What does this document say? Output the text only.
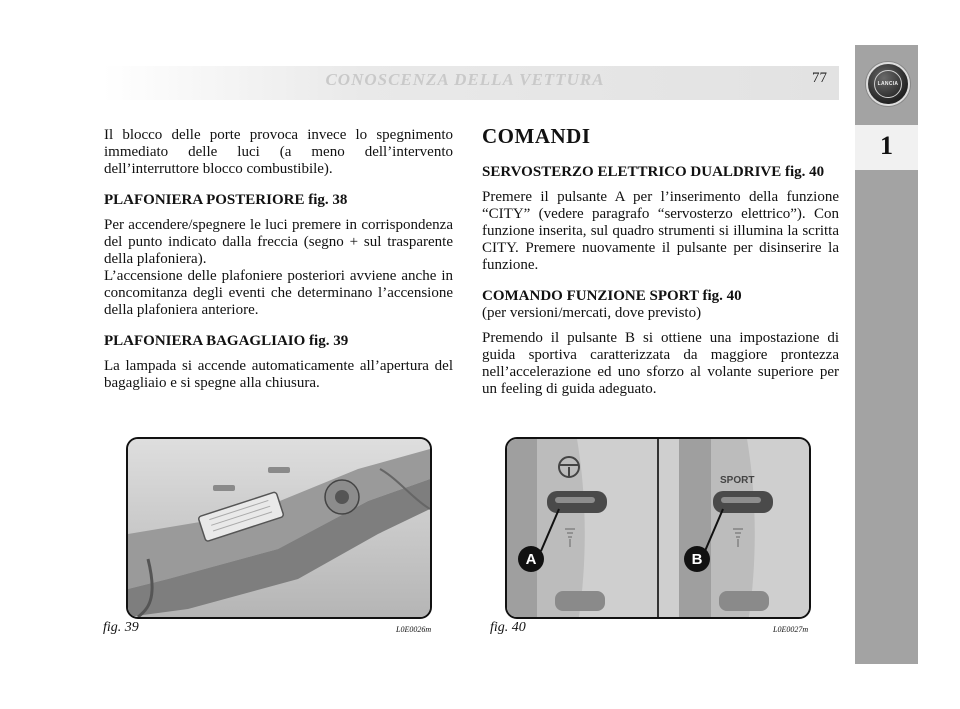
CONOSCENZA DELLA VETTURA	77	LANCIA
1

Il blocco delle porte provoca invece lo spegnimento immediato delle luci (a meno dell’intervento dell’interruttore blocco combustibile).

PLAFONIERA POSTERIORE fig. 38

Per accendere/spegnere le luci premere in corrispondenza del punto indicato dalla freccia (segno + sul trasparente della plafoniera).

L’accensione delle plafoniere posteriori avviene anche in concomitanza degli eventi che determinano l’accensione della plafoniera anteriore.

PLAFONIERA BAGAGLIAIO fig. 39

La lampada si accende automaticamente all’apertura del bagagliaio e si spegne alla chiusura.

COMANDI

SERVOSTERZO ELETTRICO DUALDRIVE fig. 40

Premere il pulsante A per l’inserimento della funzione “CITY” (vedere paragrafo “servosterzo elettrico”). Con funzione inserita, sul quadro strumenti si illumina la scritta CITY. Premere nuovamente il pulsante per disinserire la funzione.

COMANDO FUNZIONE SPORT fig. 40

(per versioni/mercati, dove previsto)

Premendo il pulsante B si ottiene una impostazione di guida sportiva caratterizzata da maggiore prontezza nell’accelerazione ed uno sforzo al volante superiore per un feeling di guida adeguato.

fig. 39	L0E0026m
SPORT
A	B
fig. 40	L0E0027m
